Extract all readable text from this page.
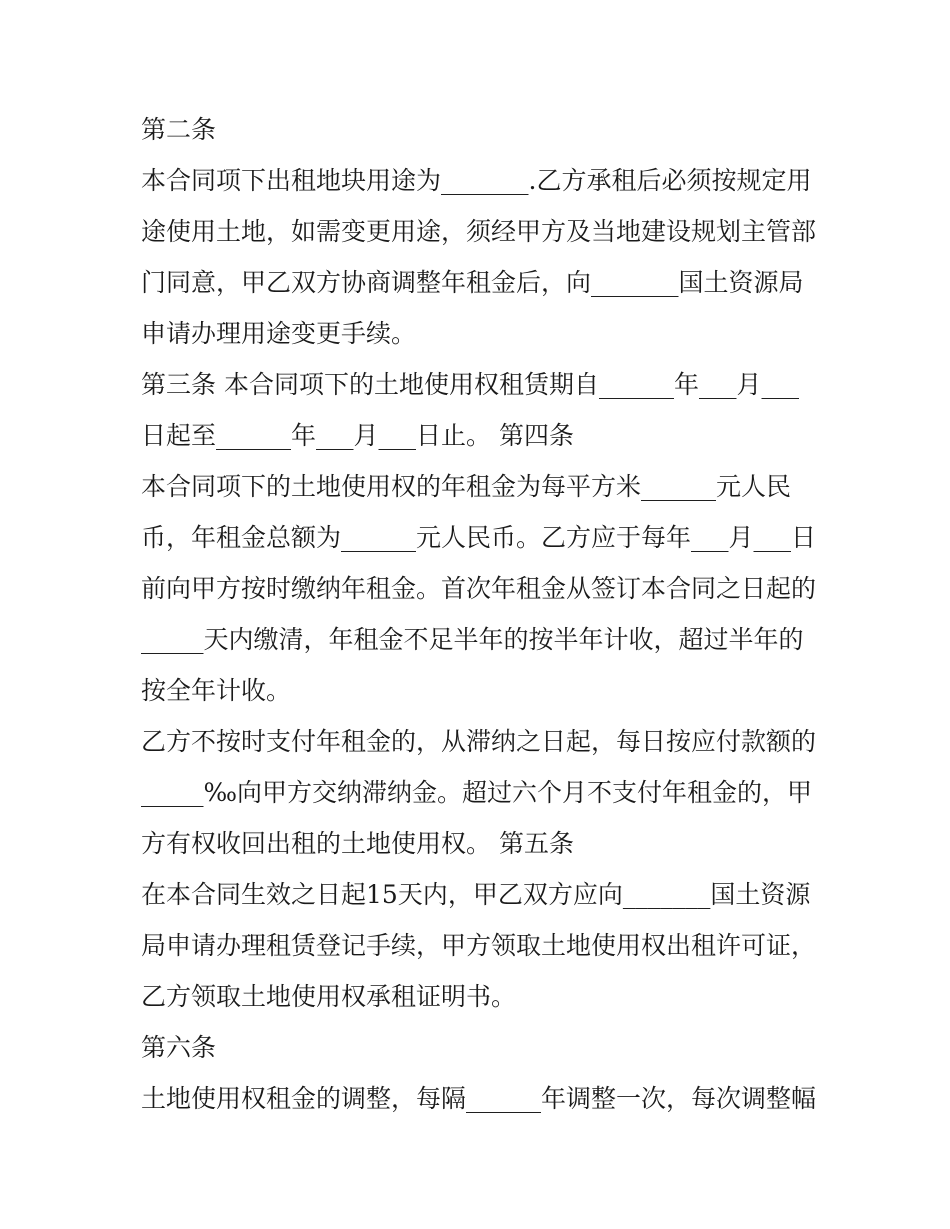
第二条
本合同项下出租地块用途为_______.乙方承租后必须按规定用
途使用土地，如需变更用途，须经甲方及当地建设规划主管部
门同意，甲乙双方协商调整年租金后，向_______国土资源局
申请办理用途变更手续。
第三条 本合同项下的土地使用权租赁期自______年___月___
日起至______年___月___日止。 第四条
本合同项下的土地使用权的年租金为每平方米______元人民
币，年租金总额为______元人民币。乙方应于每年___月___日
前向甲方按时缴纳年租金。首次年租金从签订本合同之日起的
_____天内缴清，年租金不足半年的按半年计收，超过半年的
按全年计收。
乙方不按时支付年租金的，从滞纳之日起，每日按应付款额的
_____‰向甲方交纳滞纳金。超过六个月不支付年租金的，甲
方有权收回出租的土地使用权。 第五条
在本合同生效之日起15天内，甲乙双方应向_______国土资源
局申请办理租赁登记手续，甲方领取土地使用权出租许可证，
乙方领取土地使用权承租证明书。
第六条
土地使用权租金的调整，每隔______年调整一次，每次调整幅
